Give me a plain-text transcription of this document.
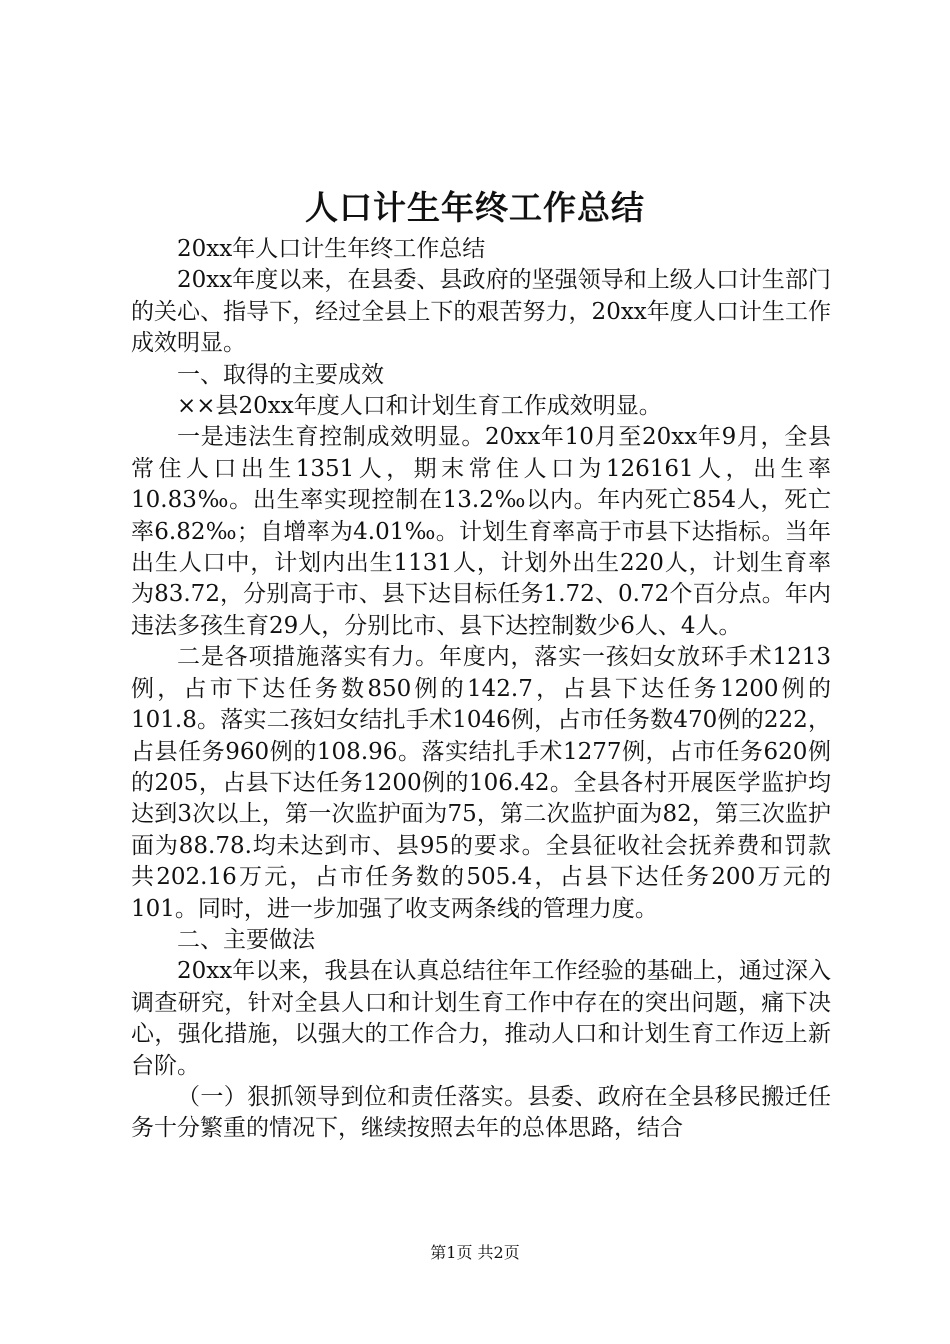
人口计生年终工作总结

20xx年人口计生年终工作总结

20xx年度以来，在县委、县政府的坚强领导和上级人口计生部门的关心、指导下，经过全县上下的艰苦努力，20xx年度人口计生工作成效明显。

一、取得的主要成效

××县20xx年度人口和计划生育工作成效明显。

一是违法生育控制成效明显。20xx年10月至20xx年9月，全县常住人口出生1351人，期末常住人口为126161人，出生率10.83‰。出生率实现控制在13.2‰以内。年内死亡854人，死亡率6.82‰；自增率为4.01‰。计划生育率高于市县下达指标。当年出生人口中，计划内出生1131人，计划外出生220人，计划生育率为83.72，分别高于市、县下达目标任务1.72、0.72个百分点。年内违法多孩生育29人，分别比市、县下达控制数少6人、4人。

二是各项措施落实有力。年度内，落实一孩妇女放环手术1213例，占市下达任务数850例的142.7，占县下达任务1200例的101.8。落实二孩妇女结扎手术1046例，占市任务数470例的222，占县任务960例的108.96。落实结扎手术1277例，占市任务620例的205，占县下达任务1200例的106.42。全县各村开展医学监护均达到3次以上，第一次监护面为75，第二次监护面为82，第三次监护面为88.78.均未达到市、县95的要求。全县征收社会抚养费和罚款共202.16万元，占市任务数的505.4，占县下达任务200万元的101。同时，进一步加强了收支两条线的管理力度。

二、主要做法

20xx年以来，我县在认真总结往年工作经验的基础上，通过深入调查研究，针对全县人口和计划生育工作中存在的突出问题，痛下决心，强化措施，以强大的工作合力，推动人口和计划生育工作迈上新台阶。

（一）狠抓领导到位和责任落实。县委、政府在全县移民搬迁任务十分繁重的情况下，继续按照去年的总体思路，结合

第1页 共2页
